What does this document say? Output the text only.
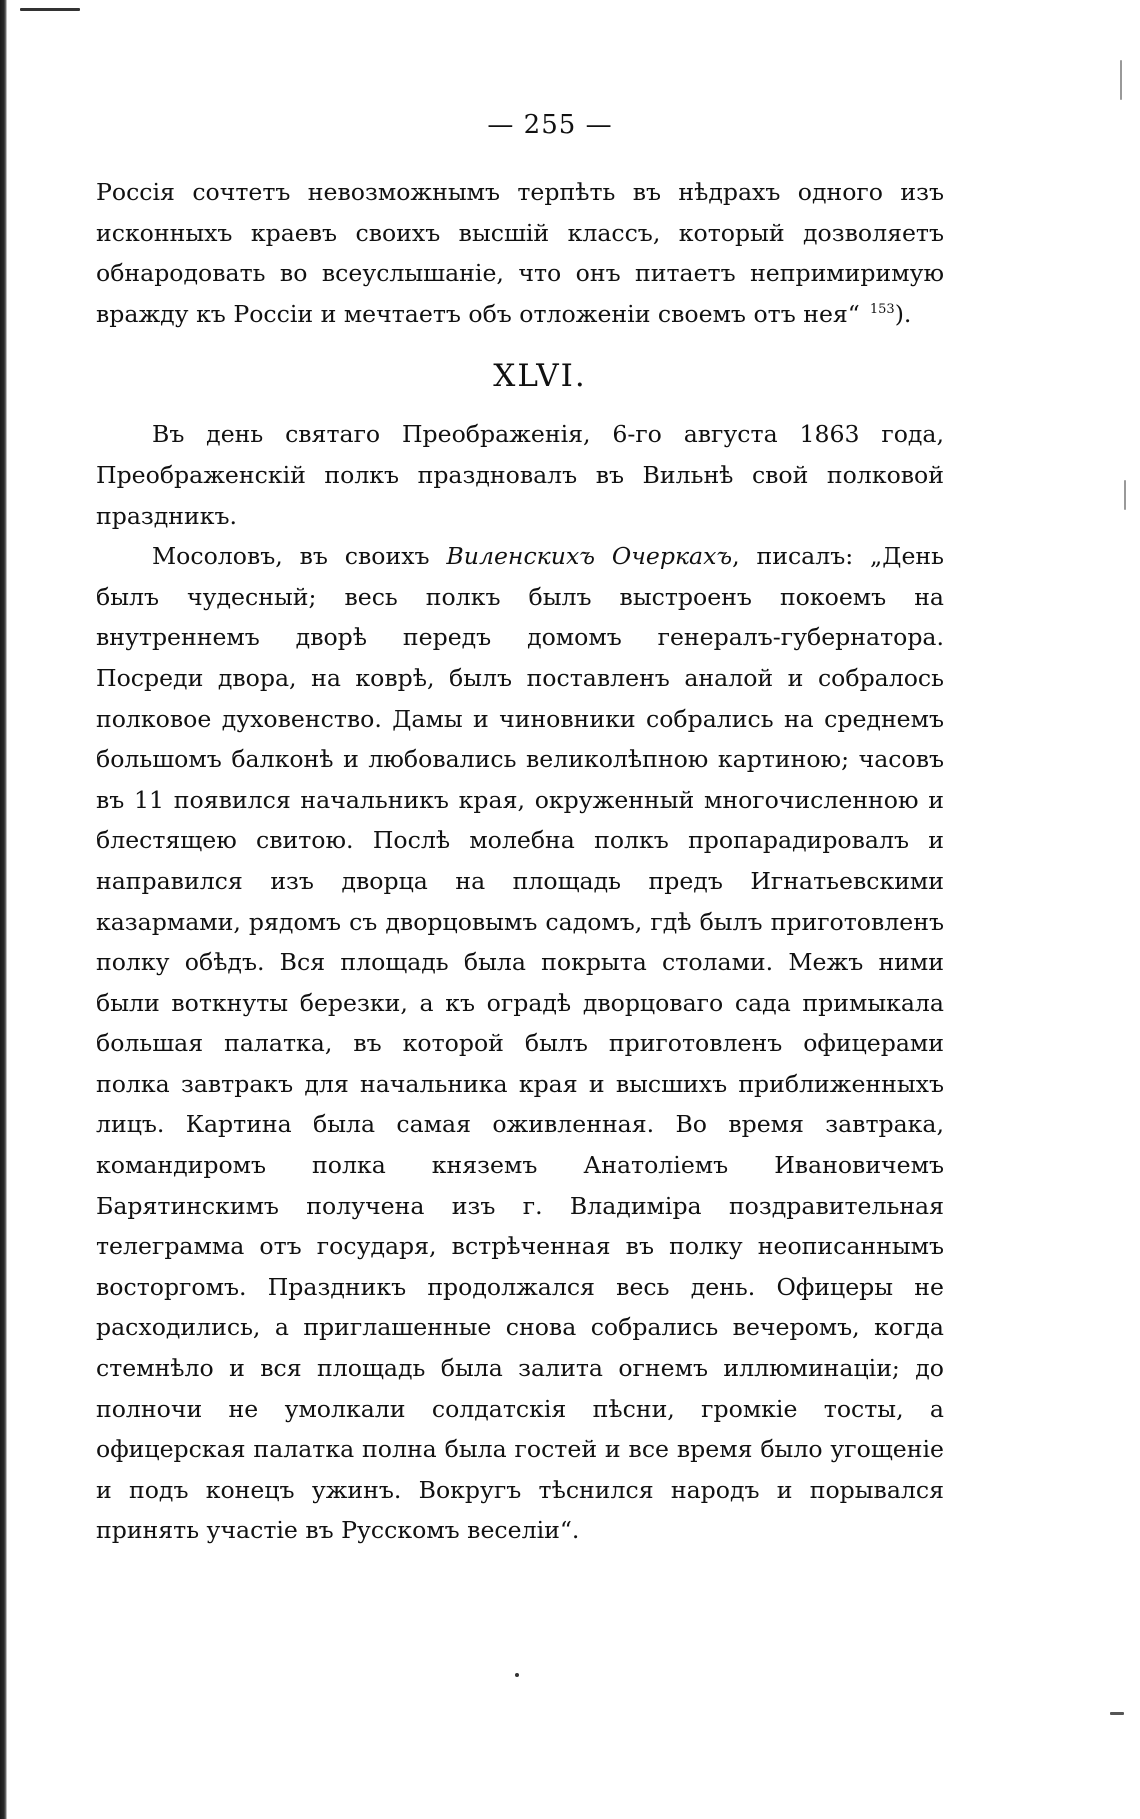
— 255 —

Россія сочтетъ невозможнымъ терпѣть въ нѣдрахъ одного изъ исконныхъ краевъ своихъ высшій классъ, который дозволяетъ обнародовать во всеуслышаніе, что онъ питаетъ непримиримую вражду къ Россіи и мечтаетъ объ отложеніи своемъ отъ нея“ $^{153}$).

XLVI.

Въ день святаго Преображенія, 6-го августа 1863 года, Преображенскій полкъ праздновалъ въ Вильнѣ свой полковой праздникъ.

Мосоловъ, въ своихъ Виленскихъ Очеркахъ, писалъ: „День былъ чудесный; весь полкъ былъ выстроенъ покоемъ на внутреннемъ дворѣ передъ домомъ генералъ-губернатора. Посреди двора, на коврѣ, былъ поставленъ аналой и собралось полковое духовенство. Дамы и чиновники собрались на среднемъ большомъ балконѣ и любовались великолѣпною картиною; часовъ въ 11 появился начальникъ края, окруженный многочисленною и блестящею свитою. Послѣ молебна полкъ пропарадировалъ и направился изъ дворца на площадь предъ Игнатьевскими казармами, рядомъ съ дворцовымъ садомъ, гдѣ былъ приготовленъ полку обѣдъ. Вся площадь была покрыта столами. Межъ ними были воткнуты березки, а къ оградѣ дворцоваго сада примыкала большая палатка, въ которой былъ приготовленъ офицерами полка завтракъ для начальника края и высшихъ приближенныхъ лицъ. Картина была самая оживленная. Во время завтрака, командиромъ полка княземъ Анатоліемъ Ивановичемъ Барятинскимъ получена изъ г. Владиміра поздравительная телеграмма отъ государя, встрѣченная въ полку неописаннымъ восторгомъ. Праздникъ продолжался весь день. Офицеры не расходились, а приглашенные снова собрались вечеромъ, когда стемнѣло и вся площадь была залита огнемъ иллюминаціи; до полночи не умолкали солдатскія пѣсни, громкіе тосты, а офицерская палатка полна была гостей и все время было угощеніе и подъ конецъ ужинъ. Вокругъ тѣснился народъ и порывался принять участіе въ Русскомъ веселіи“.
